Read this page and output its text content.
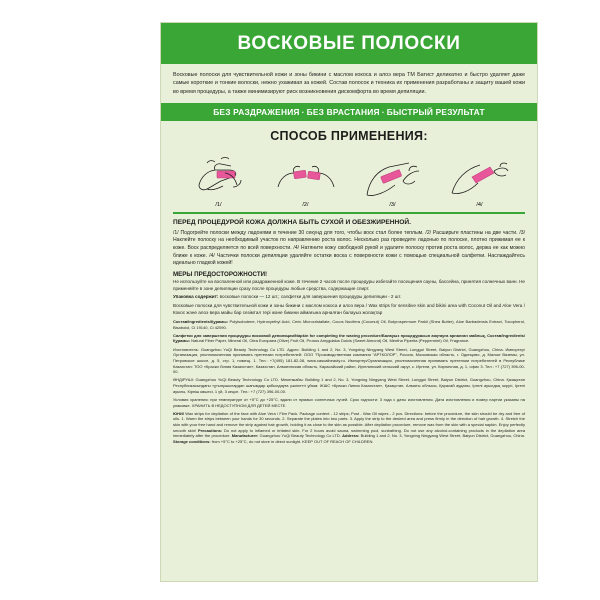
ВОСКОВЫЕ ПОЛОСКИ
Восковые полоски для чувствительной кожи и зоны бикини с маслом кокоса и алоэ вера ТМ Батист деликатно и быстро удаляет даже самые короткие и тонкие волоски, нежно ухаживая за кожей. Состав полосок и техника их применения разработаны и защиту вашей кожи во время процедуры, а также минимизируют риск возникновения дискомфорта во время депиляции.
БЕЗ РАЗДРАЖЕНИЯ · БЕЗ ВРАСТАНИЯ · БЫСТРЫЙ РЕЗУЛЬТАТ
СПОСОБ ПРИМЕНЕНИЯ:
/1/	/2/	/3/	/4/
ПЕРЕД ПРОЦЕДУРОЙ КОЖА ДОЛЖНА БЫТЬ СУХОЙ И ОБЕЗЖИРЕННОЙ.
/1/ Подогрейте полоски между ладонями в течение 30 секунд для того, чтобы воск стал более теплым. /2/ Расширьте пластины на две части. /3/ Наклейте полоску на необходимый участок по направлению роста волос. Несколько раз проведите ладонью по полоске, плотно прижимая ее к коже. Воск распределяется по всей поверхности. /4/ Натяните кожу свободной рукой и удалите полоску против роста волос, держа ее как можно ближе к коже. /4/ Частички полоски депиляции удаляйте остатки воска с поверхности кожи с помощью специальной салфетки. Наслаждайтесь идеально гладкой кожей!
МЕРЫ ПРЕДОСТОРОЖНОСТИ!
Не используйте на воспаленной или раздраженной коже. В течение 2 часов после процедуры избегайте посещения сауны, бассейна, принятия солнечных ванн. Не применяйте в зоне депиляции сразу после процедуры любые средства, содержащие спирт.
Упаковка содержит: восковые полоски — 12 шт.; салфетки для завершения процедуры депиляции - 2 шт.
Восковые полоски для чувствительной кожи и зоны бикини с маслом кокоса и алоэ вера / Wax strips for sensitive skin and bikini area with Coconut Oil and Aloe Vera / Кокос жэне алоэ вера майы бар сезімтал тері және бикини аймағына арналған балауыз жолақтар
Состав/Ingredients/Құрамы: Polyisobutene, Hydroxyethyl Acid, Ceric Microcristallate, Cocos Nucifera (Coconut) Oil, Butyrospermum Parkii (Shea Butter), Aloe Barbadensis Extract, Tocopherol, Bisabolol, Ci 19140, Ci 42090.
Салфетки для завершения процедуры восковой депиляции/Napkin for completing the waxing procedure/Балауыз процедурасын аяқтауға арналған майлық, Состав/Ingredients/Құрамы: Natural Fiber Paper, Mineral Oil, Olea Europaea (Olive) Fruit Oil, Prunus Amygdalus Dulcis (Sweet Almond) Oil, Mentha Piperita (Peppermint) Oil, Fragrance.
Изготовитель: Guangzhou YuQi Beauty Technology Co LTD. Адрес: Building 1 and 2, No. 3, Yongxing Ningyang West Street, Longgui Street, Baiyun District, Guangzhou, China. Импортер/Организация, уполномоченная принимать претензии потребителей: ООО "Производственная компания "АРТКОЛОР", Россия, Московская область, г. Одинцово, д. Малые Вяземы, ул. Петровское шоссе, д. 5, стр. 1, помещ. 1. Тел.: +7(495) 181-82-08, www.casualbeauty.ru. Импортер/Организация, уполномоченная принимать претензии потребителей в Республике Казахстан: ТОО «Краски Линия Казахстан», Казахстан, Алматинская область, Карасайский район, Иргелинский сельский округ, с. Иргели, ул. Кирпичная, д. 1, офис 3. Тел.: +7 (727) 396-00-00.
ӨНДІРУШІ: Guangzhou YuQi Beauty Technology Co LTD. Мекенжайы: Building 1 and 2, No. 3, Yongxing Ningyang West Street, Longgui Street, Baiyun District, Guangzhou, China. Қазақстан Республикасындағы тұтынушылардан шағымдар қабылдауға уәкілетті ұйым: ЖШС «Краски Линия Казахстан», Қазақстан, Алматы облысы, Қарасай ауданы, Іргелі ауылдық округі, Іргелі ауылы, Кірпіш көшесі, 1 үй, 3 кеңсе. Тел.: +7 (727) 396-00-00.
Условия хранения: при температуре от +5°C до +25°C, вдали от прямых солнечных лучей. Срок годности: 3 года с даты изготовления. Дата изготовления и номер партии указаны на упаковке. ХРАНИТЬ В НЕДОСТУПНОМ ДЛЯ ДЕТЕЙ МЕСТЕ.
ЮНИ/ Wax strips for depilation of the face with Aloe Vera / Film Pack. Package content - 12 strips; Post - Wax Oil wipes - 2 pcs. Directions: before the procedure, the skin should be dry and free of oils. 1. Warm the strips between your hands for 30 seconds. 2. Separate the plates into two parts. 3. Apply the strip to the desired area and press firmly in the direction of hair growth. 4. Stretch the skin with your free hand and remove the strip against hair growth, holding it as close to the skin as possible. After depilation procedure, remove wax from the skin with a special napkin. Enjoy perfectly smooth skin! Precautions: Do not apply to inflamed or irritated skin. For 2 hours avoid sauna, swimming pool, sunbathing. Do not use any alcohol-containing products in the depilation area immediately after the procedure. Manufacturer: Guangzhou YuQi Beauty Technology Co LTD. Address: Building 1 and 2, No. 3, Yongxing Ningyang West Street, Baiyun District, Guangzhou, China. Storage conditions: from +5°C to +25°C, do not store in direct sunlight. KEEP OUT OF REACH OF CHILDREN.
